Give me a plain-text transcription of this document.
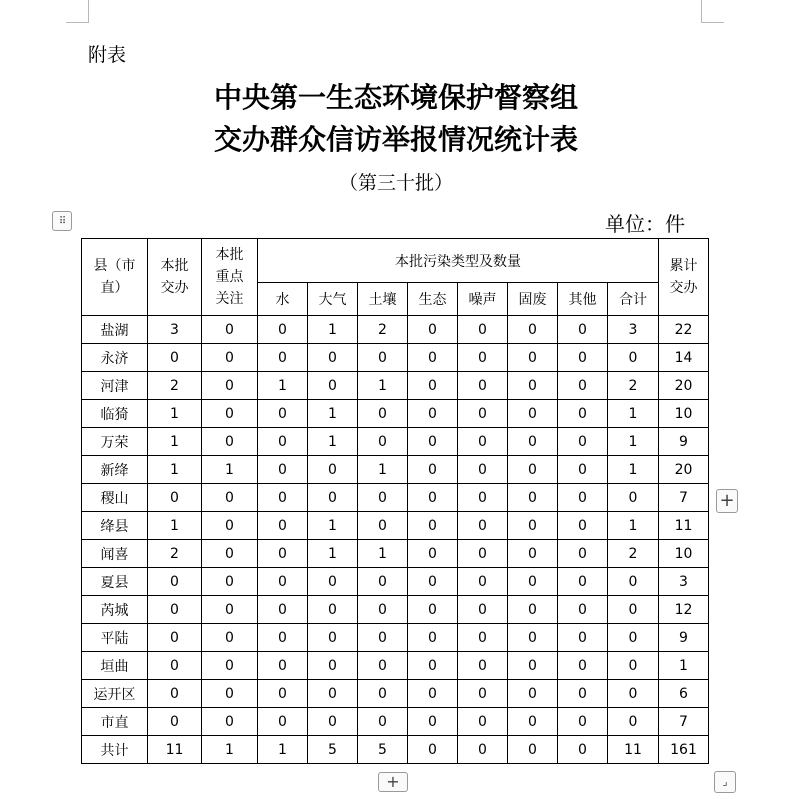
附表
中央第一生态环境保护督察组
交办群众信访举报情况统计表
（第三十批）
单位：件
⠿
县（市直）	本批交办	本批重点关注	本批污染类型及数量								累计交办

			水	大气	土壤	生态	噪声	固废	其他	合计	
盐湖	3	0	0	1	2	0	0	0	0	3	22
永济	0	0	0	0	0	0	0	0	0	0	14
河津	2	0	1	0	1	0	0	0	0	2	20
临猗	1	0	0	1	0	0	0	0	0	1	10
万荣	1	0	0	1	0	0	0	0	0	1	9
新绛	1	1	0	0	1	0	0	0	0	1	20
稷山	0	0	0	0	0	0	0	0	0	0	7
绛县	1	0	0	1	0	0	0	0	0	1	11
闻喜	2	0	0	1	1	0	0	0	0	2	10
夏县	0	0	0	0	0	0	0	0	0	0	3
芮城	0	0	0	0	0	0	0	0	0	0	12
平陆	0	0	0	0	0	0	0	0	0	0	9
垣曲	0	0	0	0	0	0	0	0	0	0	1
运开区	0	0	0	0	0	0	0	0	0	0	6
市直	0	0	0	0	0	0	0	0	0	0	7
共计	11	1	1	5	5	0	0	0	0	11	161
+
+	⌟
